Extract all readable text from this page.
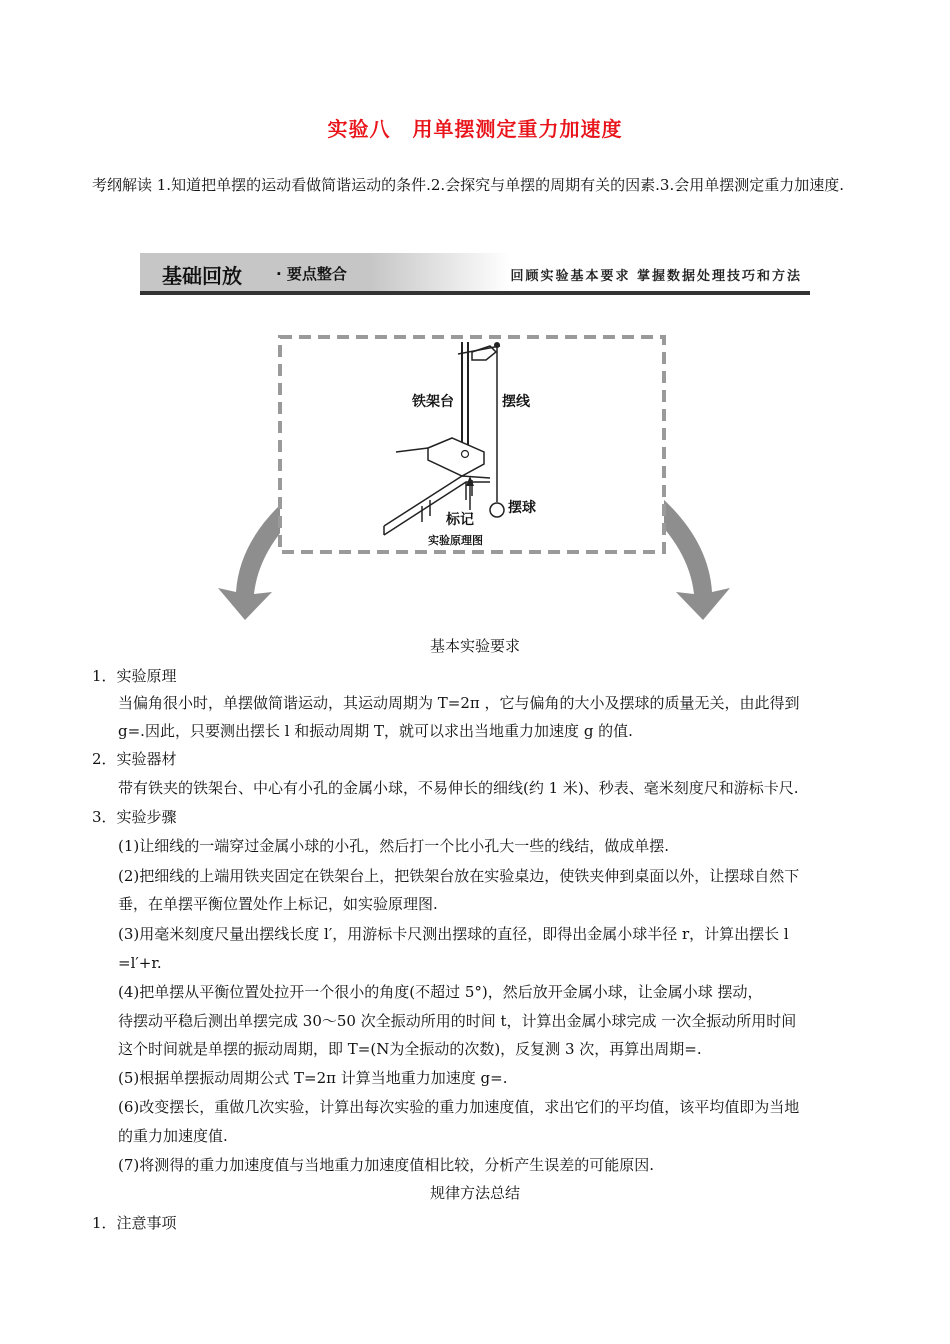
实验八 用单摆测定重力加速度
考纲解读 1.知道把单摆的运动看做简谐运动的条件.2.会探究与单摆的周期有关的因素.3.会用单摆测定重力加速度.
基础回放 · 要点整合	回顾实验基本要求 掌握数据处理技巧和方法
铁架台	摆线
摆球
标记
实验原理图
基本实验要求
1．实验原理
当偏角很小时，单摆做简谐运动，其运动周期为 T=2π ，它与偏角的大小及摆球的质量无关，由此得到
g=.因此，只要测出摆长 l 和振动周期 T，就可以求出当地重力加速度 g 的值.
2．实验器材
带有铁夹的铁架台、中心有小孔的金属小球，不易伸长的细线(约 1 米)、秒表、毫米刻度尺和游标卡尺.
3．实验步骤
(1)让细线的一端穿过金属小球的小孔，然后打一个比小孔大一些的线结，做成单摆.
(2)把细线的上端用铁夹固定在铁架台上，把铁架台放在实验桌边，使铁夹伸到桌面以外，让摆球自然下
垂，在单摆平衡位置处作上标记，如实验原理图.
(3)用毫米刻度尺量出摆线长度 l′，用游标卡尺测出摆球的直径，即得出金属小球半径 r，计算出摆长 l
=l′+r.
(4)把单摆从平衡位置处拉开一个很小的角度(不超过 5°)，然后放开金属小球，让金属小球 摆动，
待摆动平稳后测出单摆完成 30～50 次全振动所用的时间 t，计算出金属小球完成 一次全振动所用时间
这个时间就是单摆的振动周期，即 T=(N为全振动的次数)，反复测 3 次，再算出周期=.
(5)根据单摆振动周期公式 T=2π 计算当地重力加速度 g=.
(6)改变摆长，重做几次实验，计算出每次实验的重力加速度值，求出它们的平均值，该平均值即为当地
的重力加速度值.
(7)将测得的重力加速度值与当地重力加速度值相比较，分析产生误差的可能原因.
规律方法总结
1．注意事项
